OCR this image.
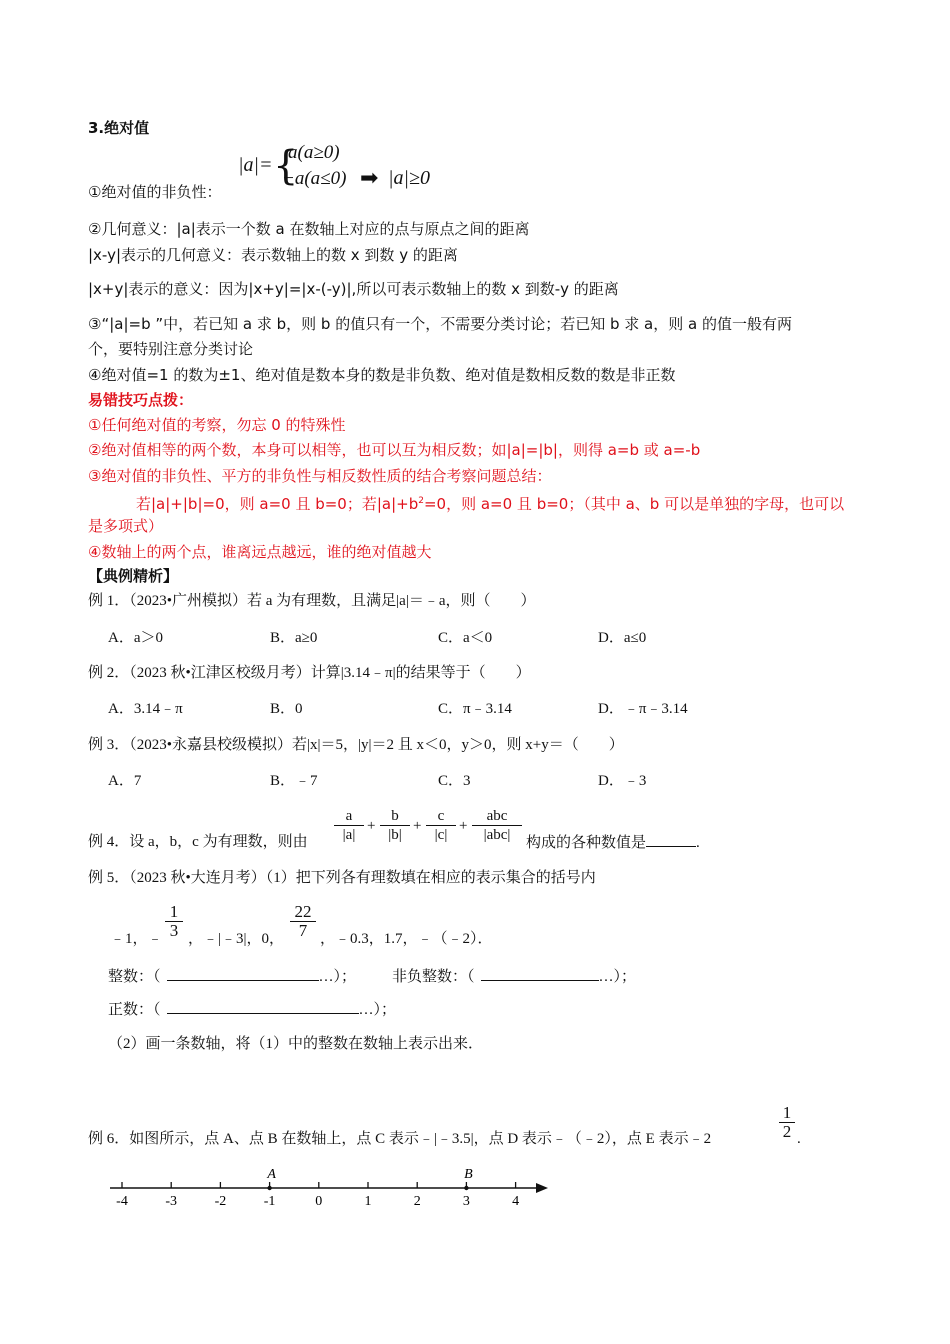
3.绝对值
①绝对值的非负性：
|a|= {
a(a≥0)
−a(a≤0) ➡ |a|≥0
②几何意义：|a|表示一个数 a 在数轴上对应的点与原点之间的距离
|x-y|表示的几何意义：表示数轴上的数 x 到数 y 的距离
|x+y|表示的意义：因为|x+y|=|x-(-y)|,所以可表示数轴上的数 x 到数-y 的距离
③“|a|=b ”中，若已知 a 求 b，则 b 的值只有一个，不需要分类讨论；若已知 b 求 a，则 a 的值一般有两
个，要特别注意分类讨论
④绝对值=1 的数为±1、绝对值是数本身的数是非负数、绝对值是数相反数的数是非正数
易错技巧点拨：
①任何绝对值的考察，勿忘 0 的特殊性
②绝对值相等的两个数，本身可以相等，也可以互为相反数；如|a|=|b|，则得 a=b 或 a=-b
③绝对值的非负性、平方的非负性与相反数性质的结合考察问题总结：
若|a|+|b|=0，则 a=0 且 b=0；若$|a|+b^2=0$，则 a=0 且 b=0；（其中 a、b 可以是单独的字母，也可以
是多项式）
④数轴上的两个点，谁离远点越远，谁的绝对值越大
【典例精析】
例 1．（2023•广州模拟）若 a 为有理数，且满足|a|＝﹣a，则（　　）
A．a＞0	B．a≥0	C．a＜0	D．a≤0
例 2．（2023 秋•江津区校级月考）计算|3.14﹣π|的结果等于（　　）
A．3.14﹣π	B．0	C．π﹣3.14	D．﹣π﹣3.14
例 3．（2023•永嘉县校级模拟）若|x|＝5，|y|＝2 且 x＜0，y＞0，则 x+y＝（　　）
A．7	B．﹣7	C．3	D．﹣3
例 4．设 a，b，c 为有理数，则由
a
|a|
+
b
|b|
+
c
|c|
+
abc
|abc|	构成的各种数值是	.
例 5．（2023 秋•大连月考）（1）把下列各有理数填在相应的表示集合的括号内
﹣1，﹣
1
3 ，﹣|﹣3|，0，
22
7 ，﹣0.3，1.7，﹣（﹣2）．
整数：（	…）； 非负整数：（	…）；
正数：（	…）；
（2）画一条数轴，将（1）中的整数在数轴上表示出来．
例 6．如图所示，点 A、点 B 在数轴上，点 C 表示﹣|﹣3.5|，点 D 表示﹣（﹣2），点 E 表示﹣2
1
2 .
-4	-3	-2	-1	0	1	2	3	4
A	B
